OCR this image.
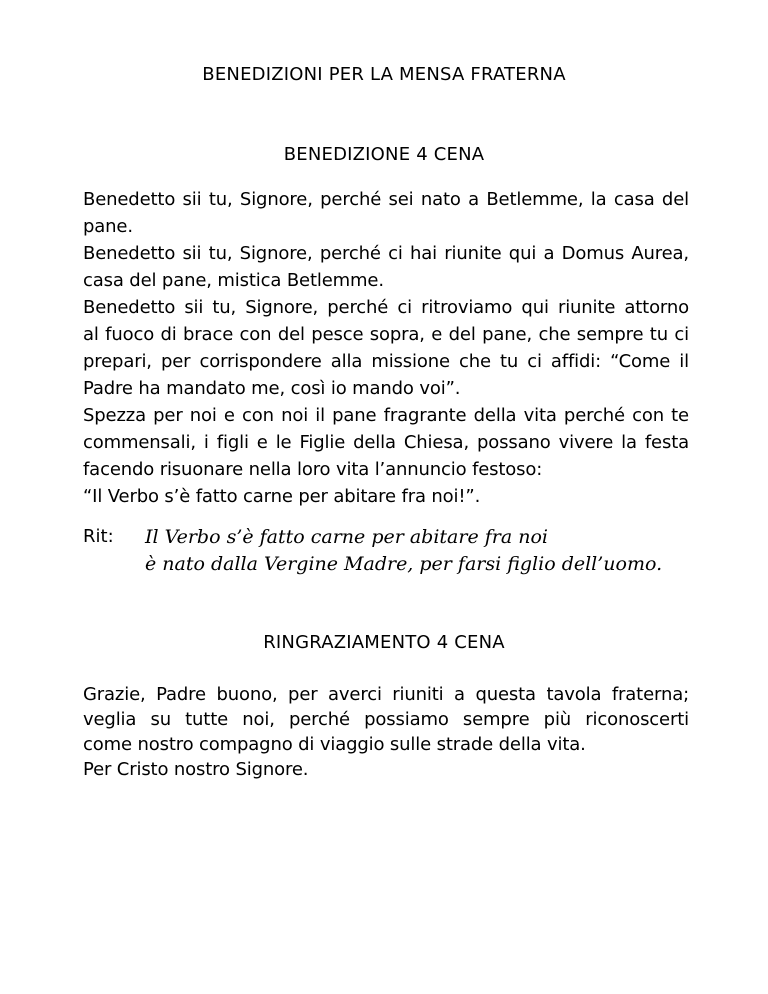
BENEDIZIONI PER LA MENSA FRATERNA
BENEDIZIONE 4 CENA
Benedetto sii tu, Signore, perché sei nato a Betlemme, la casa del
pane.
Benedetto sii tu, Signore, perché ci hai riunite qui a Domus Aurea,
casa del pane, mistica Betlemme.
Benedetto sii tu, Signore, perché ci ritroviamo qui riunite attorno
al fuoco di brace con del pesce sopra, e del pane, che sempre tu ci
prepari, per corrispondere alla missione che tu ci affidi: “Come il
Padre ha mandato me, così io mando voi”.
Spezza per noi e con noi il pane fragrante della vita perché con te
commensali, i figli e le Figlie della Chiesa, possano vivere la festa
facendo risuonare nella loro vita l’annuncio festoso:
“Il Verbo s’è fatto carne per abitare fra noi!”.
Rit: Il Verbo s’è fatto carne per abitare fra noi
è nato dalla Vergine Madre, per farsi figlio dell’uomo.
RINGRAZIAMENTO 4 CENA
Grazie, Padre buono, per averci riuniti a questa tavola fraterna;
veglia su tutte noi, perché possiamo sempre più riconoscerti
come nostro compagno di viaggio sulle strade della vita.
Per Cristo nostro Signore.
